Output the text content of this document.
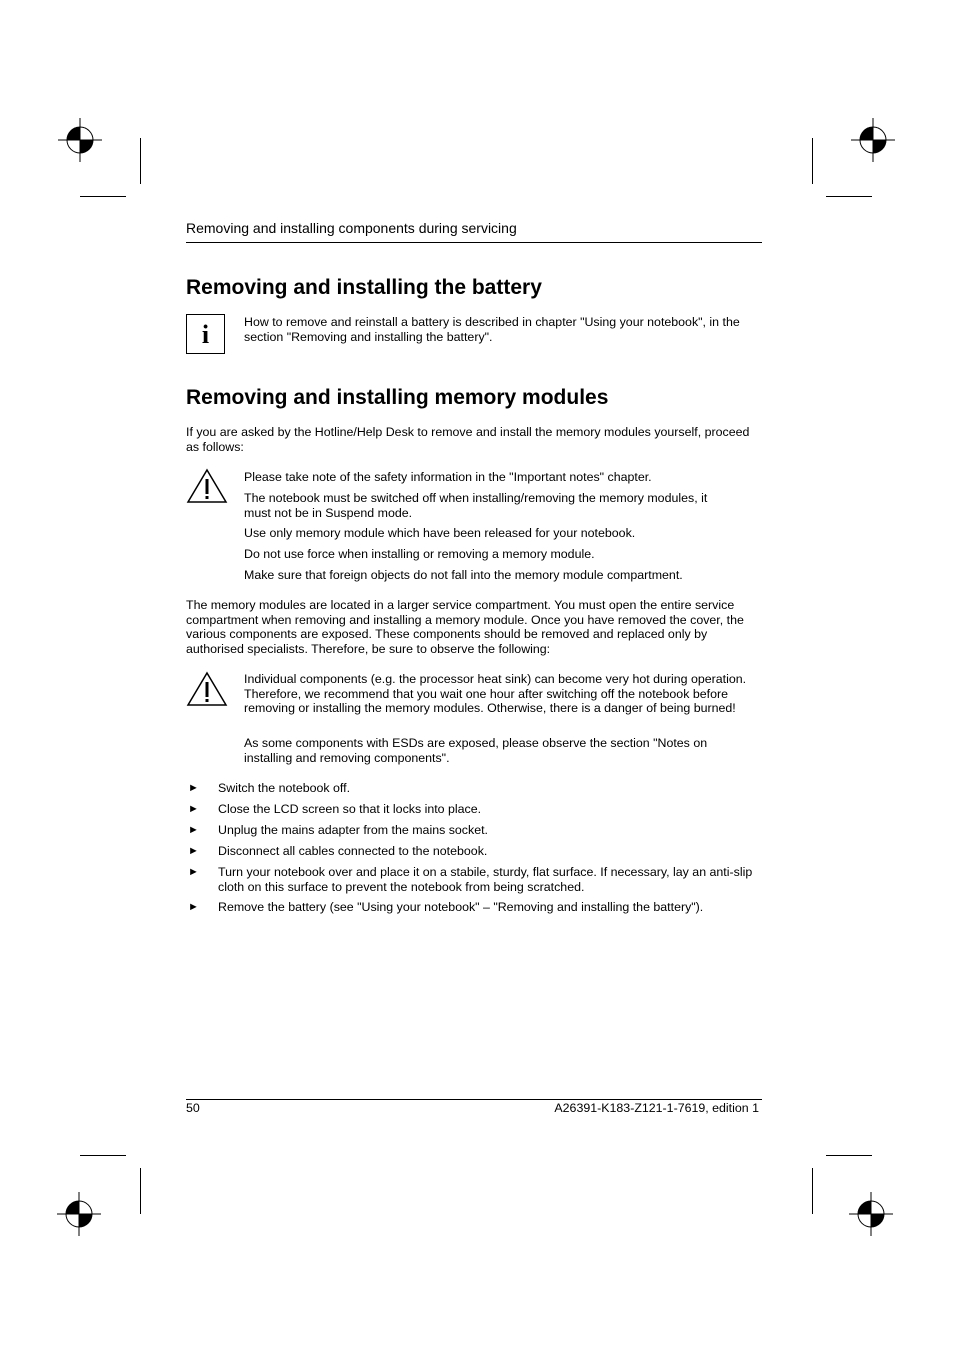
Removing and installing components during servicing
Removing and installing the battery
i	How to remove and reinstall a battery is described in chapter "Using your notebook", in the section "Removing and installing the battery".
Removing and installing memory modules
If you are asked by the Hotline/Help Desk to remove and install the memory modules yourself, proceed as follows:
Please take note of the safety information in the "Important notes" chapter.
The notebook must be switched off when installing/removing the memory modules, it must not be in Suspend mode.
Use only memory module which have been released for your notebook.
Do not use force when installing or removing a memory module.
Make sure that foreign objects do not fall into the memory module compartment.
The memory modules are located in a larger service compartment. You must open the entire service compartment when removing and installing a memory module. Once you have removed the cover, the various components are exposed. These components should be removed and replaced only by authorised specialists. Therefore, be sure to observe the following:
Individual components (e.g. the processor heat sink) can become very hot during operation. Therefore, we recommend that you wait one hour after switching off the notebook before removing or installing the memory modules. Otherwise, there is a danger of being burned!
As some components with ESDs are exposed, please observe the section "Notes on installing and removing components".
► Switch the notebook off.
► Close the LCD screen so that it locks into place.
► Unplug the mains adapter from the mains socket.
► Disconnect all cables connected to the notebook.
► Turn your notebook over and place it on a stabile, sturdy, flat surface. If necessary, lay an anti-slip cloth on this surface to prevent the notebook from being scratched.
► Remove the battery (see "Using your notebook" – "Removing and installing the battery").
50	A26391-K183-Z121-1-7619, edition 1
